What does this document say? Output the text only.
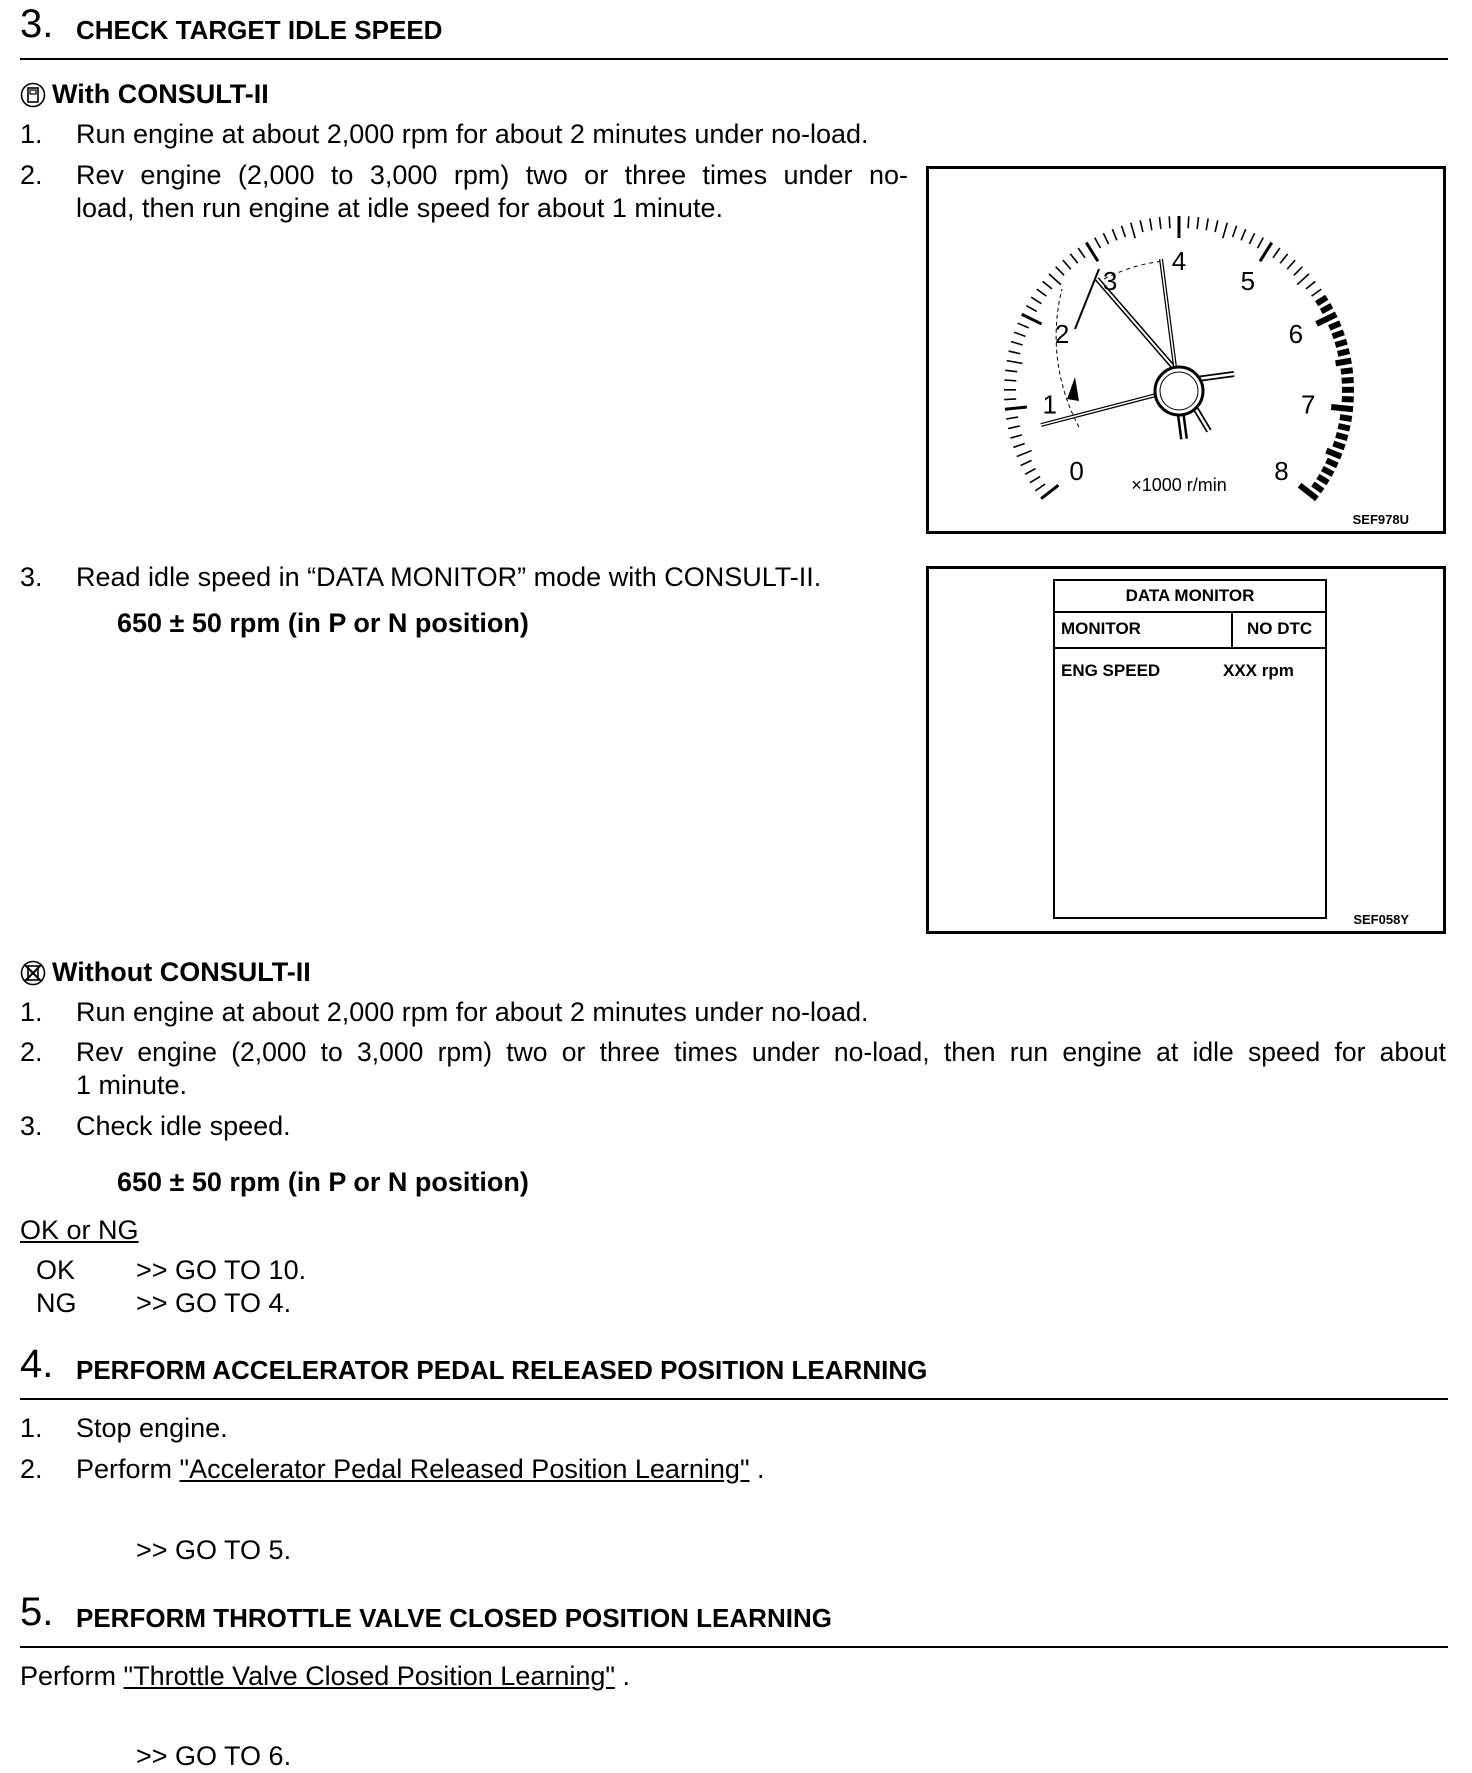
3. CHECK TARGET IDLE SPEED
With CONSULT-II
1. Run engine at about 2,000 rpm for about 2 minutes under no-load.
2. Rev engine (2,000 to 3,000 rpm) two or three times under no-
load, then run engine at idle speed for about 1 minute.
3. Read idle speed in “DATA MONITOR” mode with CONSULT-II.
650 ± 50 rpm (in P or N position)
0
1
2
3
4
5
6
7
8
×1000 r/min
SEF978U
DATA MONITOR
MONITOR	NO DTC
ENG SPEED	XXX rpm
SEF058Y
Without CONSULT-II
1. Run engine at about 2,000 rpm for about 2 minutes under no-load.
2. Rev engine (2,000 to 3,000 rpm) two or three times under no-load, then run engine at idle speed for about
1 minute.
3. Check idle speed.
650 ± 50 rpm (in P or N position)
OK or NG
OK >> GO TO 10.
NG >> GO TO 4.
4. PERFORM ACCELERATOR PEDAL RELEASED POSITION LEARNING
1. Stop engine.
2. Perform "Accelerator Pedal Released Position Learning" .
>> GO TO 5.
5. PERFORM THROTTLE VALVE CLOSED POSITION LEARNING
Perform "Throttle Valve Closed Position Learning" .
>> GO TO 6.
